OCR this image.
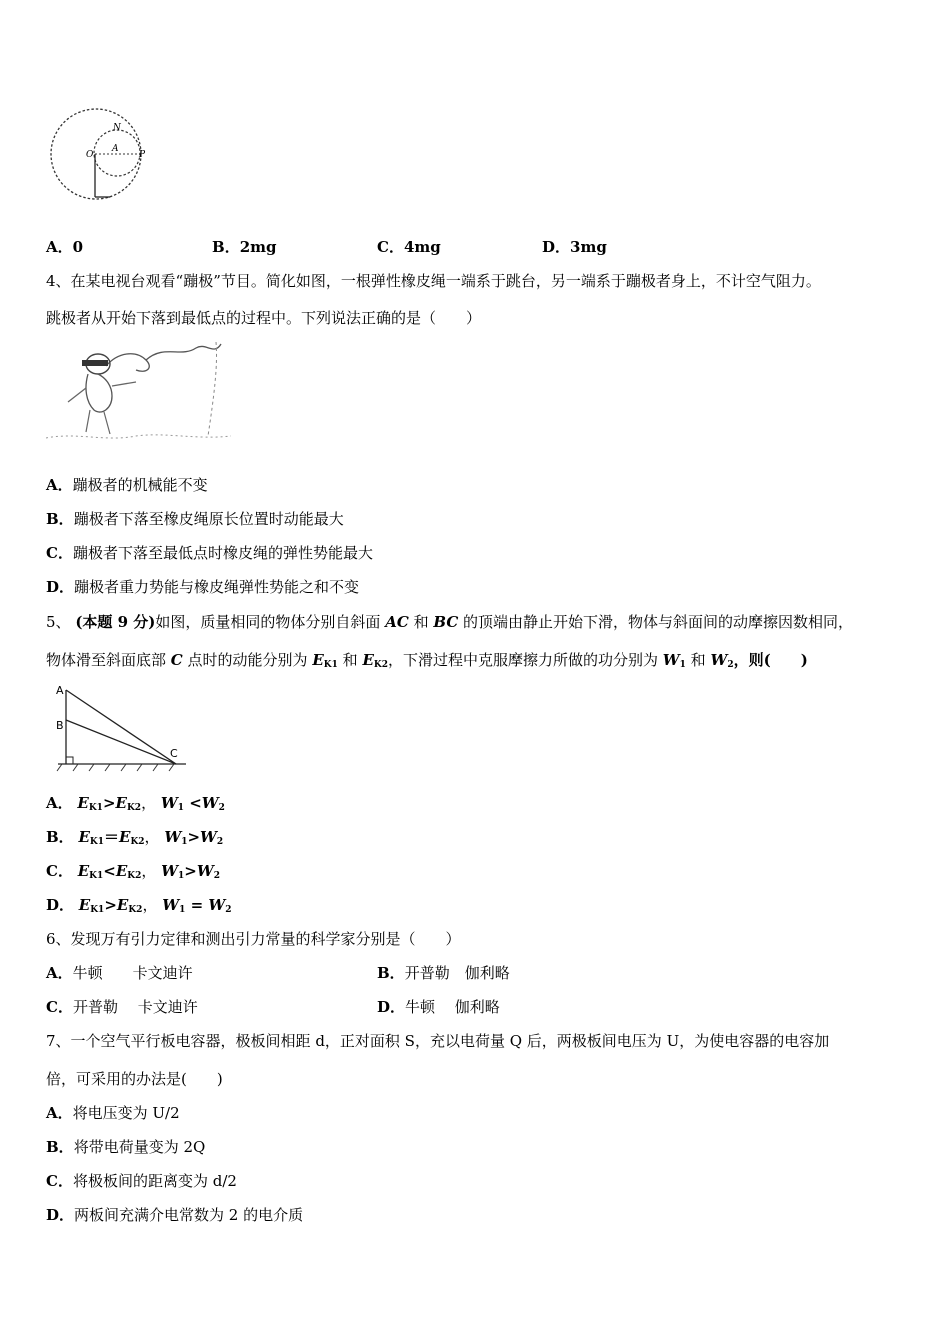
N
A
O	P
A．0	B．2mg	C．4mg	D．3mg
4、在某电视台观看“蹦极”节目。简化如图，一根弹性橡皮绳一端系于跳台，另一端系于蹦极者身上，不计空气阻力。
跳极者从开始下落到最低点的过程中。下列说法正确的是（　　）
A．蹦极者的机械能不变
B．蹦极者下落至橡皮绳原长位置时动能最大
C．蹦极者下落至最低点时橡皮绳的弹性势能最大
D．蹦极者重力势能与橡皮绳弹性势能之和不变
5、 (本题 9 分)如图，质量相同的物体分别自斜面 AC 和 BC 的顶端由静止开始下滑，物体与斜面间的动摩擦因数相同，
物体滑至斜面底部 C 点时的动能分别为 $E_{K1}$ 和 $E_{K2}$，下滑过程中克服摩擦力所做的功分别为 $W_1$ 和 $W_2$，则(　　)
A
B
C
A． $E_{K1}>E_{K2}$， $W_1 <W_2$
B． $E_{K1}=E_{K2}$， $W_1>W_2$
C． $E_{K1}<E_{K2}$， $W_1>W_2$
D． $E_{K1}>E_{K2}$， $W_1 = W_2$
6、发现万有引力定律和测出引力常量的科学家分别是（　　）
A．牛顿　　卡文迪许	B．开普勒　伽利略
C．开普勒　 卡文迪许	D．牛顿　 伽利略
7、一个空气平行板电容器，极板间相距 d，正对面积 S，充以电荷量 Q 后，两极板间电压为 U，为使电容器的电容加
倍，可采用的办法是(　　)
A．将电压变为 U/2
B．将带电荷量变为 2Q
C．将极板间的距离变为 d/2
D．两板间充满介电常数为 2 的电介质
